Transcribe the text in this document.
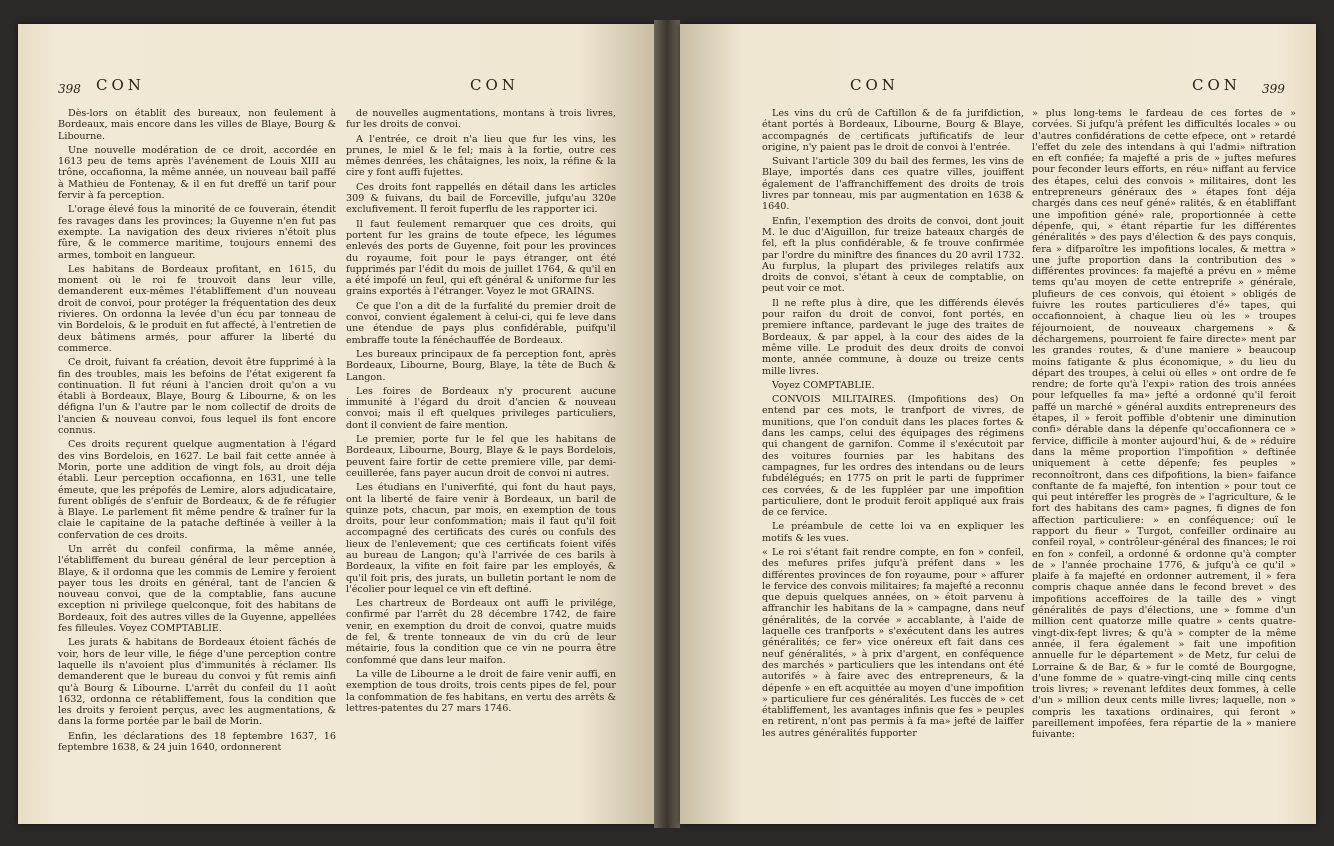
398 CON	CON

Dès-lors on établit des bureaux, non feulement à Bordeaux, mais encore dans les villes de Blaye, Bourg & Libourne.

Une nouvelle modération de ce droit, accordée en 1613 peu de tems après l'avénement de Louis XIII au trône, occafionna, la même année, un nouveau bail paffé à Mathieu de Fontenay, & il en fut dreffé un tarif pour fervir à fa perception.

L'orage élevé fous la minorité de ce fouverain, étendit fes ravages dans les provinces; la Guyenne n'en fut pas exempte. La navigation des deux rivieres n'étoit plus fûre, & le commerce maritime, toujours ennemi des armes, tomboit en langueur.

Les habitans de Bordeaux profitant, en 1615, du moment où le roi fe trouvoit dans leur ville, demanderent eux-mêmes l'établiffement d'un nouveau droit de convoi, pour protéger la fréquentation des deux rivieres. On ordonna la levée d'un écu par tonneau de vin Bordelois, & le produit en fut affecté, à l'entretien de deux bâtimens armés, pour affurer la liberté du commerce.

Ce droit, fuivant fa création, devoit être fupprimé à la fin des troubles, mais les befoins de l'état exigerent fa continuation. Il fut réuni à l'ancien droit qu'on a vu établi à Bordeaux, Blaye, Bourg & Libourne, & on les défigna l'un & l'autre par le nom collectif de droits de l'ancien & nouveau convoi, fous lequel ils font encore connus.

Ces droits reçurent quelque augmentation à l'égard des vins Bordelois, en 1627. Le bail fait cette année à Morin, porte une addition de vingt fols, au droit déja établi. Leur perception occafionna, en 1631, une telle émeute, que les prépofés de Lemire, alors adjudicataire, furent obligés de s'enfuir de Bordeaux, & de fe réfugier à Blaye. Le parlement fit même pendre & traîner fur la claie le capitaine de la patache deftinée à veiller à la confervation de ces droits.

Un arrêt du confeil confirma, la même année, l'établiffement du bureau général de leur perception à Blaye, & il ordonna que les commis de Lemire y feroient payer tous les droits en général, tant de l'ancien & nouveau convoi, que de la comptablie, fans aucune exception ni privilege quelconque, foit des habitans de Bordeaux, foit des autres villes de la Guyenne, appellées fes filleules. Voyez COMPTABLIE.

Les jurats & habitans de Bordeaux étoient fâchés de voir, hors de leur ville, le fiége d'une perception contre laquelle ils n'avoient plus d'immunités à réclamer. Ils demanderent que le bureau du convoi y fût remis ainfi qu'à Bourg & Libourne. L'arrêt du confeil du 11 août 1632, ordonna ce rétabliffement, fous la condition que les droits y feroient perçus, avec les augmentations, & dans la forme portée par le bail de Morin.

Enfin, les déclarations des 18 feptembre 1637, 16 feptembre 1638, & 24 juin 1640, ordonnerent

de nouvelles augmentations, montans à trois livres, fur les droits de convoi.

A l'entrée, ce droit n'a lieu que fur les vins, les prunes, le miel & le fel; mais à la fortie, outre ces mêmes denrées, les châtaignes, les noix, la réfine & la cire y font auffi fujettes.

Ces droits font rappellés en détail dans les articles 309 & fuivans, du bail de Forceville, jufqu'au 320e exclufivement. Il feroit fuperflu de les rapporter ici.

Il faut feulement remarquer que ces droits, qui portent fur les grains de toute efpece, les légumes enlevés des ports de Guyenne, foit pour les provinces du royaume, foit pour le pays étranger, ont été fupprimés par l'édit du mois de juillet 1764, & qu'il en a été impofé un feul, qui eft général & uniforme fur les grains exportés à l'étranger. Voyez le mot GRAINS.

Ce que l'on a dit de la furfalité du premier droit de convoi, convient également à celui-ci, qui fe leve dans une étendue de pays plus confidérable, puifqu'il embraffe toute la fénéchauffée de Bordeaux.

Les bureaux principaux de fa perception font, après Bordeaux, Libourne, Bourg, Blaye, la tête de Buch & Langon.

Les foires de Bordeaux n'y procurent aucune immunité à l'égard du droit d'ancien & nouveau convoi; mais il eft quelques privileges particuliers, dont il convient de faire mention.

Le premier, porte fur le fel que les habitans de Bordeaux, Libourne, Bourg, Blaye & le pays Bordelois, peuvent faire fortir de cette premiere ville, par demi-ceuillerée, fans payer aucun droit de convoi ni autres.

Les étudians en l'univerfité, qui font du haut pays, ont la liberté de faire venir à Bordeaux, un baril de quinze pots, chacun, par mois, en exemption de tous droits, pour leur confommation; mais il faut qu'il foit accompagné des certificats des curés ou confuls des lieux de l'enlevement; que ces certificats foient vifés au bureau de Langon; qu'à l'arrivée de ces barils à Bordeaux, la vifite en foit faire par les employés, & qu'il foit pris, des jurats, un bulletin portant le nom de l'écolier pour lequel ce vin eft deftiné.

Les chartreux de Bordeaux ont auffi le privilége, confirmé par l'arrêt du 28 décembre 1742, de faire venir, en exemption du droit de convoi, quatre muids de fel, & trente tonneaux de vin du crû de leur métairie, fous la condition que ce vin ne pourra être confommé que dans leur maifon.

La ville de Libourne a le droit de faire venir auffi, en exemption de tous droits, trois cents pipes de fel, pour la confommation de fes habitans, en vertu des arrêts & lettres-patentes du 27 mars 1746.

CON	CON 399

Les vins du crû de Caftillon & de fa jurifdiction, étant portés à Bordeaux, Libourne, Bourg & Blaye, accompagnés de certificats juftificatifs de leur origine, n'y paient pas le droit de convoi à l'entrée.

Suivant l'article 309 du bail des fermes, les vins de Blaye, importés dans ces quatre villes, jouiffent également de l'affranchiffement des droits de trois livres par tonneau, mis par augmentation en 1638 & 1640.

Enfin, l'exemption des droits de convoi, dont jouit M. le duc d'Aiguillon, fur treize bateaux chargés de fel, eft la plus confidérable, & fe trouve confirmée par l'ordre du miniftre des finances du 20 avril 1732. Au furplus, la plupart des privileges relatifs aux droits de convoi, s'étant à ceux de comptablie, on peut voir ce mot.

Il ne refte plus à dire, que les différends élevés pour raifon du droit de convoi, font portés, en premiere inftance, pardevant le juge des traites de Bordeaux, & par appel, à la cour des aides de la même ville. Le produit des deux droits de convoi monte, année commune, à douze ou treize cents mille livres.

Voyez COMPTABLIE.

CONVOIS MILITAIRES. (Impofitions des) On entend par ces mots, le tranfport de vivres, de munitions, que l'on conduit dans les places fortes & dans les camps, celui des équipages des régimens qui changent de garnifon. Comme il s'exécutoit par des voitures fournies par les habitans des campagnes, fur les ordres des intendans ou de leurs fubdélégués; en 1775 on prit le parti de fupprimer ces corvées, & de les fuppléer par une impofition particuliere, dont le produit feroit appliqué aux frais de ce fervice.

Le préambule de cette loi va en expliquer les motifs & les vues.

« Le roi s'étant fait rendre compte, en fon » confeil, des mefures prifes jufqu'à préfent dans » les différentes provinces de fon royaume, pour » affurer le fervice des convois militaires; fa majefté a reconnu que depuis quelques années, on » étoit parvenu à affranchir les habitans de la » campagne, dans neuf généralités, de la corvée » accablante, à l'aide de laquelle ces tranfports » s'exécutent dans les autres généralités; ce fer» vice onéreux eft fait dans ces neuf généralités, » à prix d'argent, en conféquence des marchés » particuliers que les intendans ont été autorifés » à faire avec des entrepreneurs, & la dépenfe » en eft acquittée au moyen d'une impofition » particuliere fur ces généralités. Les fuccès de » cet établiffement, les avantages infinis que fes » peuples en retirent, n'ont pas permis à fa ma» jefté de laiffer les autres généralités fupporter

» plus long-tems le fardeau de ces fortes de » corvées. Si jufqu'à préfent les difficultés locales » ou d'autres confidérations de cette efpece, ont » retardé l'effet du zele des intendans à qui l'admi» niftration en eft confiée; fa majefté a pris de » juftes mefures pour feconder leurs efforts, en réu» niffant au fervice des étapes, celui des convois » militaires, dont les entrepreneurs généraux des » étapes font déja chargés dans ces neuf géné» ralités, & en établiffant une impofition géné» rale, proportionnée à cette dépenfe, qui, » étant répartie fur les différentes généralités » des pays d'élection & des pays conquis, fera » difparoître les impofitions locales, & mettra » une jufte proportion dans la contribution des » différentes provinces: fa majefté a prévu en » même tems qu'au moyen de cette entreprife » générale, plufieurs de ces convois, qui étoient » obligés de fuivre les routes particulieres d'é» tapes, qui occafionnoient, à chaque lieu où les » troupes féjournoient, de nouveaux chargemens » & déchargemens, pourroient fe faire directe» ment par les grandes routes, & d'une maniere » beaucoup moins fatigante & plus économique, » du lieu du départ des troupes, à celui où elles » ont ordre de fe rendre; de forte qu'à l'expi» ration des trois années pour lefquelles fa ma» jefté a ordonné qu'il feroit paffé un marché » général auxdits entrepreneurs des étapes, il » feroit poffible d'obtenir une diminution confi» dérable dans la dépenfe qu'occafionnera ce » fervice, difficile à monter aujourd'hui, & de » réduire dans la même proportion l'impofition » deftinée uniquement à cette dépenfe; fes peuples » reconnoîtront, dans ces difpofitions, la bien» faifance conftante de fa majefté, fon intention » pour tout ce qui peut intéreffer les progrès de » l'agriculture, & le fort des habitans des cam» pagnes, fi dignes de fon affection particuliere: » en conféquence; ouï le rapport du fieur » Turgot, confeiller ordinaire au confeil royal, » contrôleur-général des finances; le roi en fon » confeil, a ordonné & ordonne qu'à compter de » l'année prochaine 1776, & jufqu'à ce qu'il » plaife à fa majefté en ordonner autrement, il » fera compris chaque année dans le fecond brevet » des impofitions acceffoires de la taille des » vingt généralités de pays d'élections, une » fomme d'un million cent quatorze mille quatre » cents quatre-vingt-dix-fept livres; & qu'à » compter de la même année, il fera également » fait une impofition annuelle fur le département » de Metz, fur celui de Lorraine & de Bar, & » fur le comté de Bourgogne, d'une fomme de » quatre-vingt-cinq mille cinq cents trois livres; » revenant lefdites deux fommes, à celle d'un » million deux cents mille livres; laquelle, non » compris les taxations ordinaires, qui feront » pareillement impofées, fera répartie de la » maniere fuivante:
